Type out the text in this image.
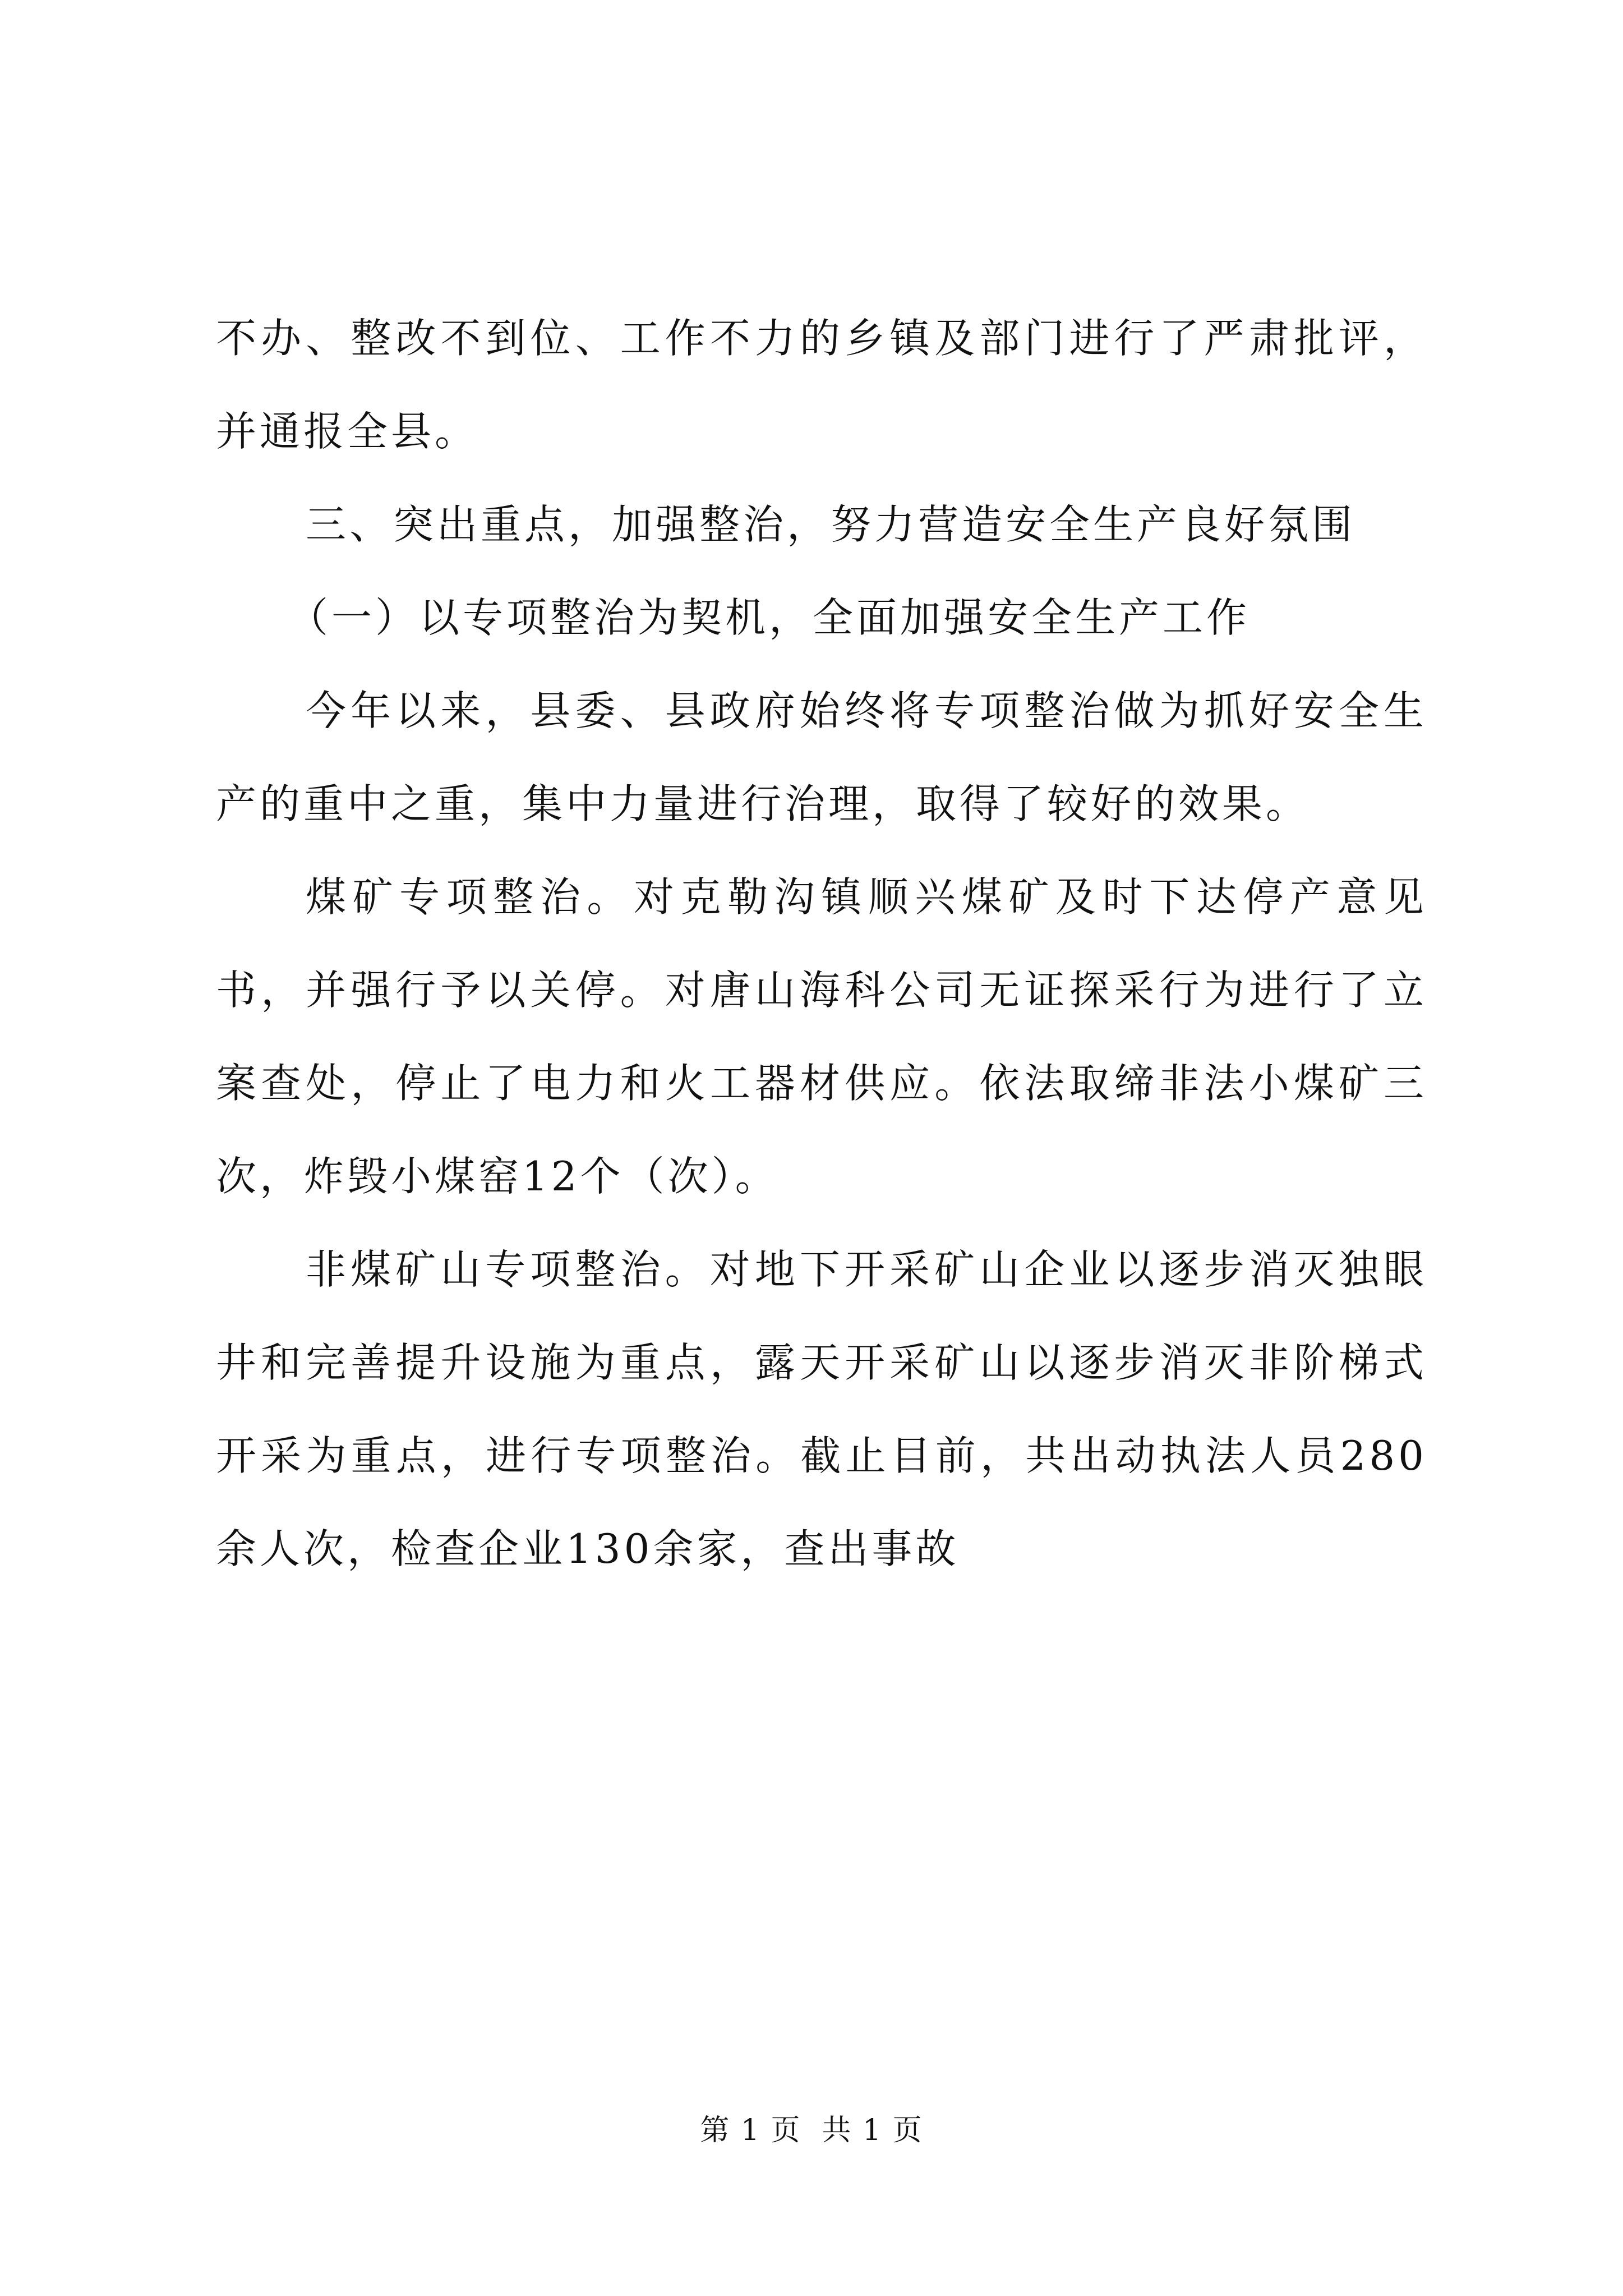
不办、整改不到位、工作不力的乡镇及部门进行了严肃批评，并通报全县。

三、突出重点，加强整治，努力营造安全生产良好氛围

（一）以专项整治为契机，全面加强安全生产工作

今年以来，县委、县政府始终将专项整治做为抓好安全生产的重中之重，集中力量进行治理，取得了较好的效果。

煤矿专项整治。对克勒沟镇顺兴煤矿及时下达停产意见书，并强行予以关停。对唐山海科公司无证探采行为进行了立案查处，停止了电力和火工器材供应。依法取缔非法小煤矿三次，炸毁小煤窑12个（次）。

非煤矿山专项整治。对地下开采矿山企业以逐步消灭独眼井和完善提升设施为重点，露天开采矿山以逐步消灭非阶梯式开采为重点，进行专项整治。截止目前，共出动执法人员280余人次，检查企业130余家，查出事故

第 1 页  共 1 页
